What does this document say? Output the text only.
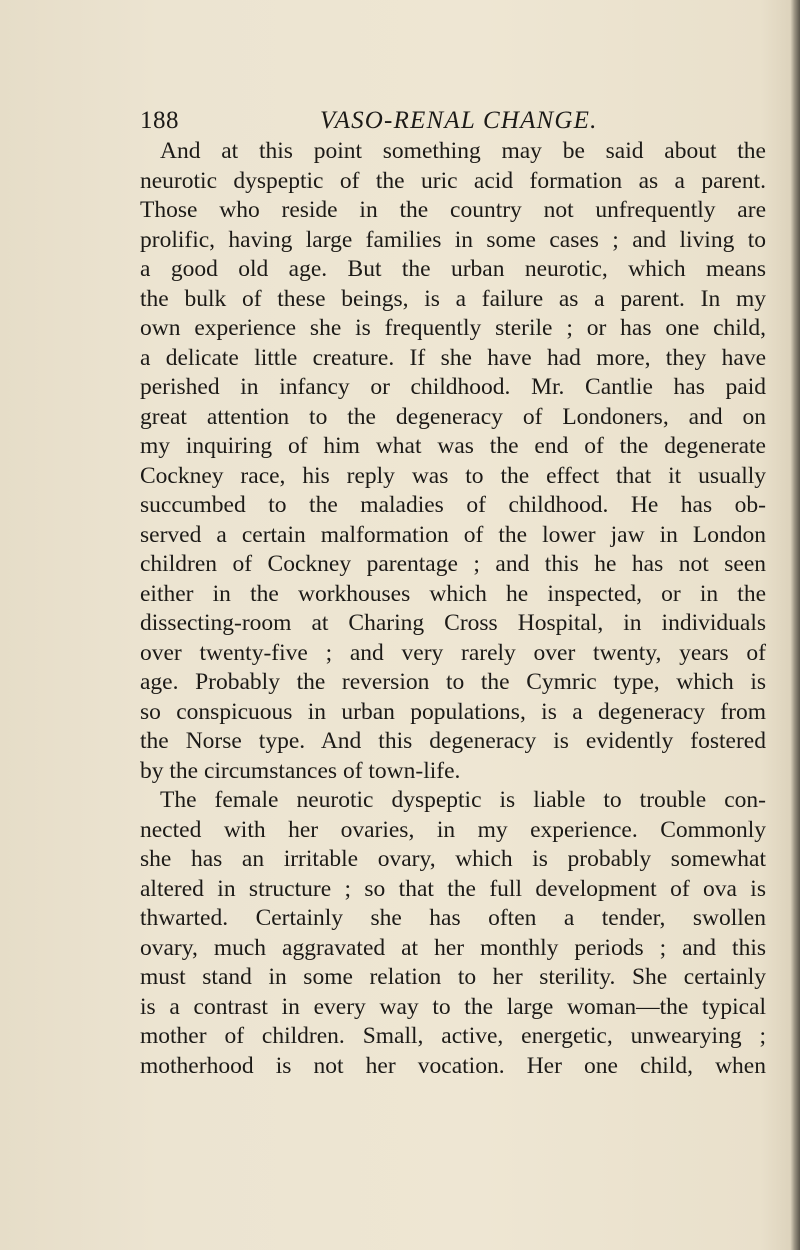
188	VASO-RENAL CHANGE.
And at this point something may be said about the
neurotic dyspeptic of the uric acid formation as a parent.
Those who reside in the country not unfrequently are
prolific, having large families in some cases ; and living to
a good old age. But the urban neurotic, which means
the bulk of these beings, is a failure as a parent. In my
own experience she is frequently sterile ; or has one child,
a delicate little creature. If she have had more, they have
perished in infancy or childhood. Mr. Cantlie has paid
great attention to the degeneracy of Londoners, and on
my inquiring of him what was the end of the degenerate
Cockney race, his reply was to the effect that it usually
succumbed to the maladies of childhood. He has ob-
served a certain malformation of the lower jaw in London
children of Cockney parentage ; and this he has not seen
either in the workhouses which he inspected, or in the
dissecting-room at Charing Cross Hospital, in individuals
over twenty-five ; and very rarely over twenty, years of
age. Probably the reversion to the Cymric type, which is
so conspicuous in urban populations, is a degeneracy from
the Norse type. And this degeneracy is evidently fostered
by the circumstances of town-life.
The female neurotic dyspeptic is liable to trouble con-
nected with her ovaries, in my experience. Commonly
she has an irritable ovary, which is probably somewhat
altered in structure ; so that the full development of ova is
thwarted. Certainly she has often a tender, swollen
ovary, much aggravated at her monthly periods ; and this
must stand in some relation to her sterility. She certainly
is a contrast in every way to the large woman—the typical
mother of children. Small, active, energetic, unwearying ;
motherhood is not her vocation. Her one child, when
